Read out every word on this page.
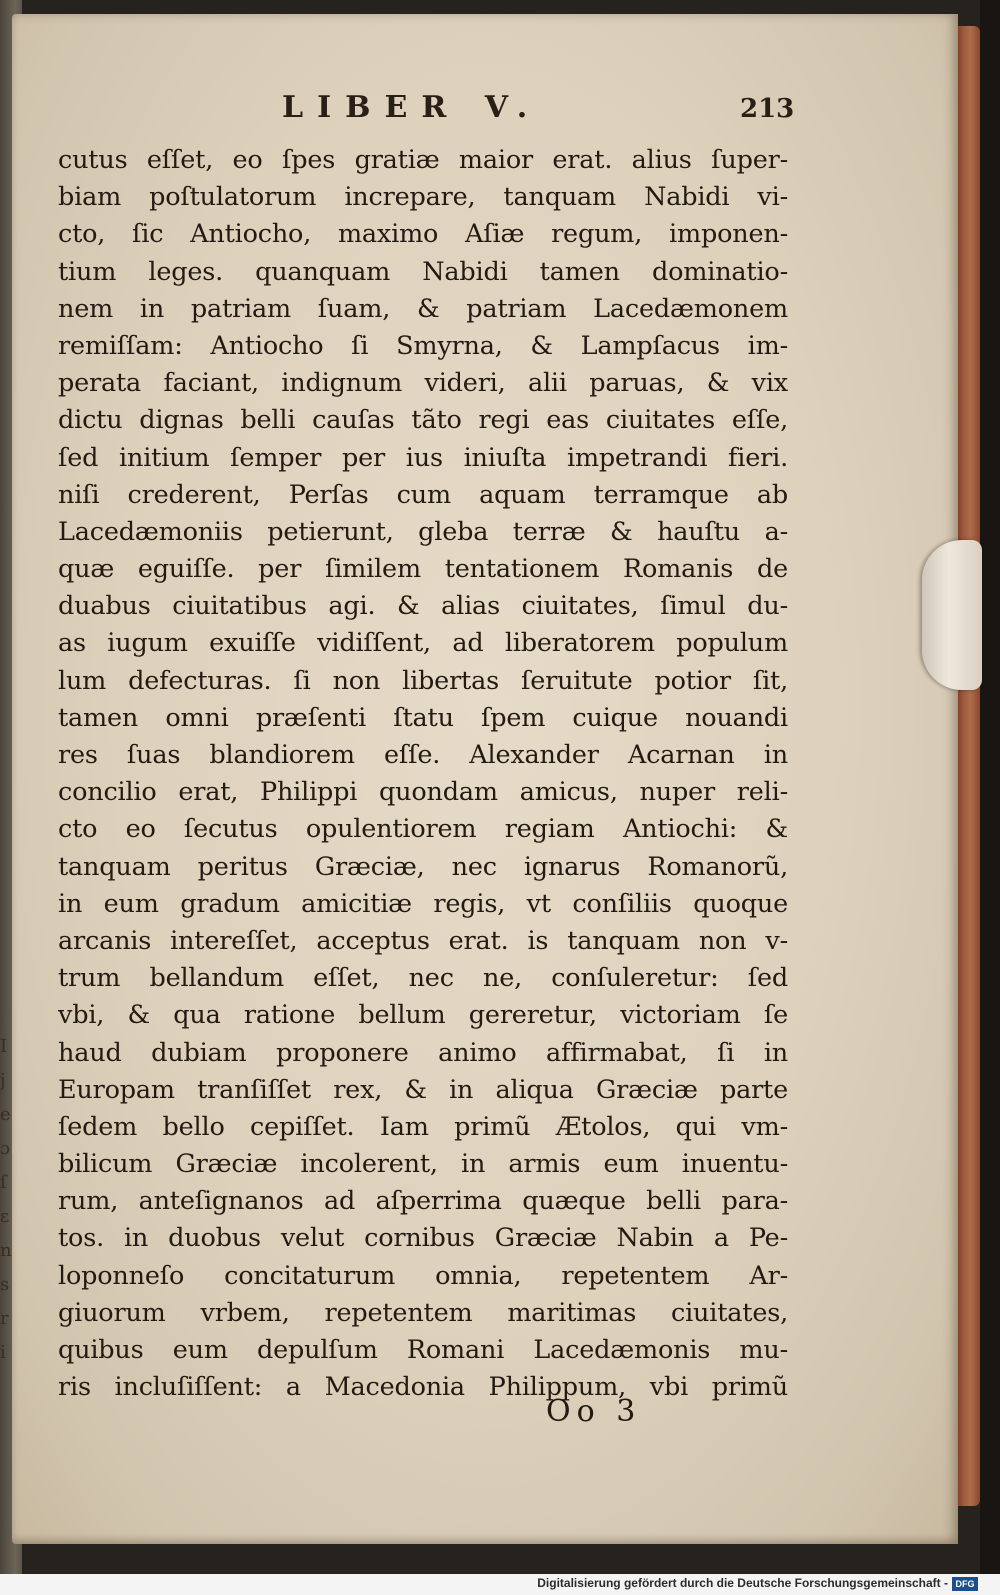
LIBER V.	213
cutus eſſet, eo ſpes gratiæ maior erat. alius ſuper-
biam poſtulatorum increpare, tanquam Nabidi vi-
cto, ſic Antiocho, maximo Aſiæ regum, imponen-
tium leges. quanquam Nabidi tamen dominatio-
nem in patriam ſuam, & patriam Lacedæmonem
remiſſam: Antiocho ſi Smyrna, & Lampſacus im-
perata faciant, indignum videri, alii paruas, & vix
dictu dignas belli cauſas tãto regi eas ciuitates eſſe,
ſed initium ſemper per ius iniuſta impetrandi fieri.
niſi crederent, Perſas cum aquam terramque ab
Lacedæmoniis petierunt, gleba terræ & hauſtu a-
quæ eguiſſe. per ſimilem tentationem Romanis de
duabus ciuitatibus agi. & alias ciuitates, ſimul du-
as iugum exuiſſe vidiſſent, ad liberatorem populum
lum defecturas. ſi non libertas ſeruitute potior ſit,
tamen omni præſenti ſtatu ſpem cuique nouandi
res ſuas blandiorem eſſe. Alexander Acarnan in
concilio erat, Philippi quondam amicus, nuper reli-
cto eo ſecutus opulentiorem regiam Antiochi: &
tanquam peritus Græciæ, nec ignarus Romanorũ,
in eum gradum amicitiæ regis, vt conſiliis quoque
arcanis intereſſet, acceptus erat. is tanquam non v-
trum bellandum eſſet, nec ne, conſuleretur: ſed
vbi, & qua ratione bellum gereretur, victoriam ſe
haud dubiam proponere animo affirmabat, ſi in
Europam tranſiſſet rex, & in aliqua Græciæ parte
ſedem bello cepiſſet. Iam primũ Ætolos, qui vm-
bilicum Græciæ incolerent, in armis eum inuentu-
rum, anteſignanos ad aſperrima quæque belli para-
tos. in duobus velut cornibus Græciæ Nabin a Pe-
loponneſo concitaturum omnia, repetentem Ar-
giuorum vrbem, repetentem maritimas ciuitates,
quibus eum depulſum Romani Lacedæmonis mu-
ris incluſiſſent: a Macedonia Philippum, vbi primũ
Oo 3
I
j
e
ɔ
ſ
ɛ
n
s
r
i
Digitalisierung gefördert durch die Deutsche Forschungsgemeinschaft - DFG
